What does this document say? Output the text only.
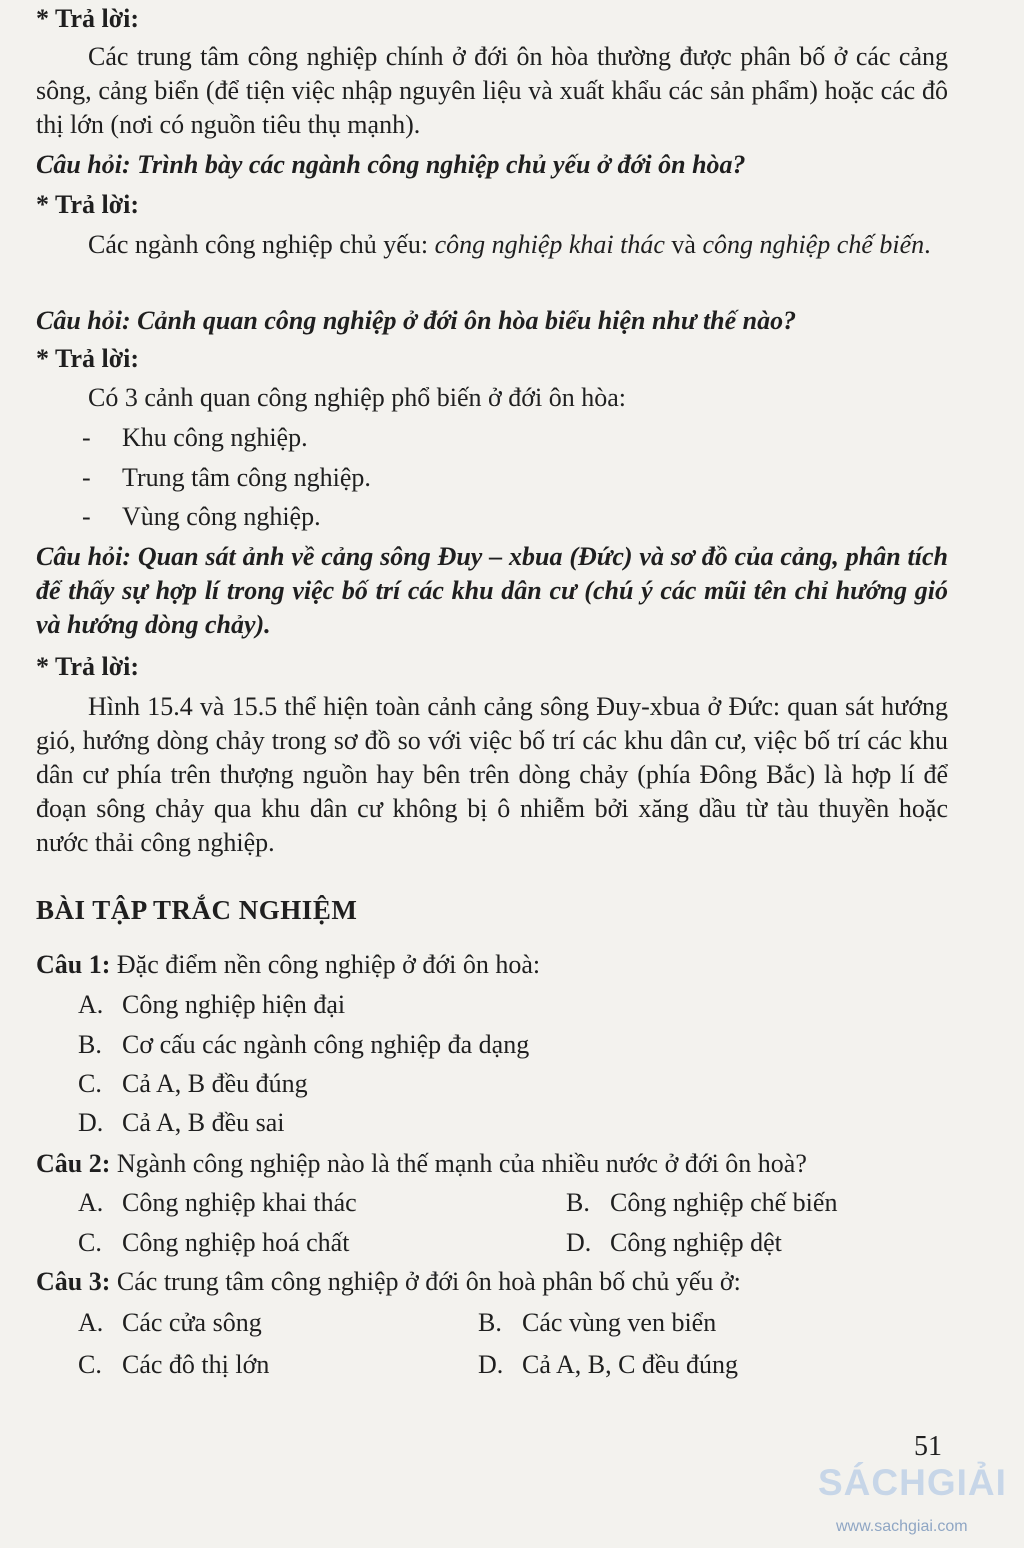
* Trả lời:
Các trung tâm công nghiệp chính ở đới ôn hòa thường được phân bố ở các cảng sông, cảng biển (để tiện việc nhập nguyên liệu và xuất khẩu các sản phẩm) hoặc các đô thị lớn (nơi có nguồn tiêu thụ mạnh).
Câu hỏi: Trình bày các ngành công nghiệp chủ yếu ở đới ôn hòa?
* Trả lời:
Các ngành công nghiệp chủ yếu: công nghiệp khai thác và công nghiệp chế biến.
Câu hỏi: Cảnh quan công nghiệp ở đới ôn hòa biểu hiện như thế nào?
* Trả lời:
Có 3 cảnh quan công nghiệp phổ biến ở đới ôn hòa:
- Khu công nghiệp.
- Trung tâm công nghiệp.
- Vùng công nghiệp.
Câu hỏi: Quan sát ảnh về cảng sông Đuy – xbua (Đức) và sơ đồ của cảng, phân tích để thấy sự hợp lí trong việc bố trí các khu dân cư (chú ý các mũi tên chỉ hướng gió và hướng dòng chảy).
* Trả lời:
Hình 15.4 và 15.5 thể hiện toàn cảnh cảng sông Đuy-xbua ở Đức: quan sát hướng gió, hướng dòng chảy trong sơ đồ so với việc bố trí các khu dân cư, việc bố trí các khu dân cư phía trên thượng nguồn hay bên trên dòng chảy (phía Đông Bắc) là hợp lí để đoạn sông chảy qua khu dân cư không bị ô nhiễm bởi xăng dầu từ tàu thuyền hoặc nước thải công nghiệp.
BÀI TẬP TRẮC NGHIỆM
Câu 1: Đặc điểm nền công nghiệp ở đới ôn hoà:
A. Công nghiệp hiện đại
B. Cơ cấu các ngành công nghiệp đa dạng
C. Cả A, B đều đúng
D. Cả A, B đều sai
Câu 2: Ngành công nghiệp nào là thế mạnh của nhiều nước ở đới ôn hoà?
A. Công nghiệp khai thác	B. Công nghiệp chế biến
C. Công nghiệp hoá chất	D. Công nghiệp dệt
Câu 3: Các trung tâm công nghiệp ở đới ôn hoà phân bố chủ yếu ở:
A. Các cửa sông	B. Các vùng ven biển
C. Các đô thị lớn	D. Cả A, B, C đều đúng
51
SÁCHGIẢI
www.sachgiai.com
